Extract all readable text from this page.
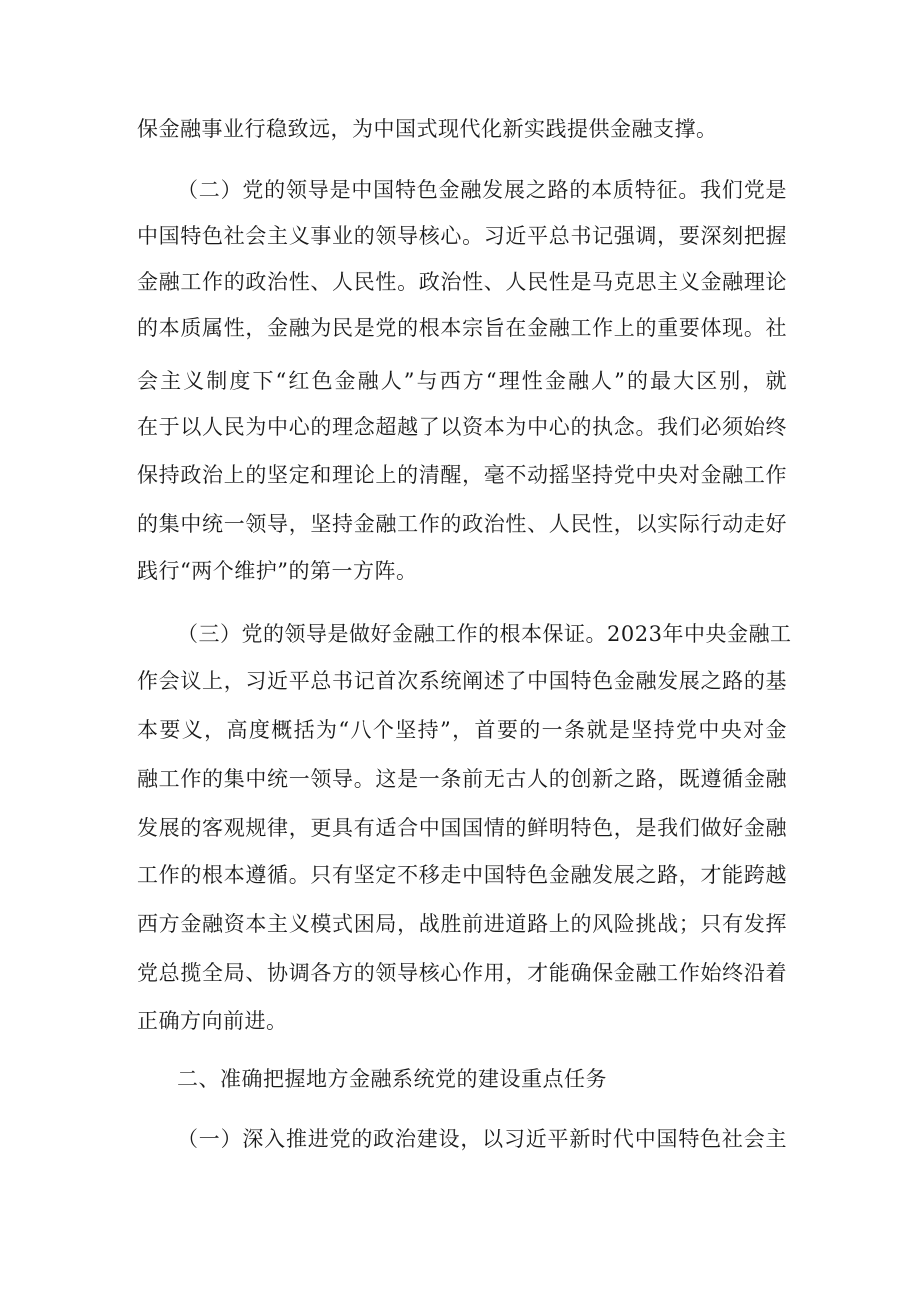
保金融事业行稳致远，为中国式现代化新实践提供金融支撑。
（二）党的领导是中国特色金融发展之路的本质特征。我们党是
中国特色社会主义事业的领导核心。习近平总书记强调，要深刻把握
金融工作的政治性、人民性。政治性、人民性是马克思主义金融理论
的本质属性，金融为民是党的根本宗旨在金融工作上的重要体现。社
会主义制度下“红色金融人”与西方“理性金融人”的最大区别，就
在于以人民为中心的理念超越了以资本为中心的执念。我们必须始终
保持政治上的坚定和理论上的清醒，毫不动摇坚持党中央对金融工作
的集中统一领导，坚持金融工作的政治性、人民性，以实际行动走好
践行“两个维护”的第一方阵。
（三）党的领导是做好金融工作的根本保证。2023年中央金融工
作会议上，习近平总书记首次系统阐述了中国特色金融发展之路的基
本要义，高度概括为“八个坚持”，首要的一条就是坚持党中央对金
融工作的集中统一领导。这是一条前无古人的创新之路，既遵循金融
发展的客观规律，更具有适合中国国情的鲜明特色，是我们做好金融
工作的根本遵循。只有坚定不移走中国特色金融发展之路，才能跨越
西方金融资本主义模式困局，战胜前进道路上的风险挑战；只有发挥
党总揽全局、协调各方的领导核心作用，才能确保金融工作始终沿着
正确方向前进。
二、准确把握地方金融系统党的建设重点任务
（一）深入推进党的政治建设，以习近平新时代中国特色社会主
